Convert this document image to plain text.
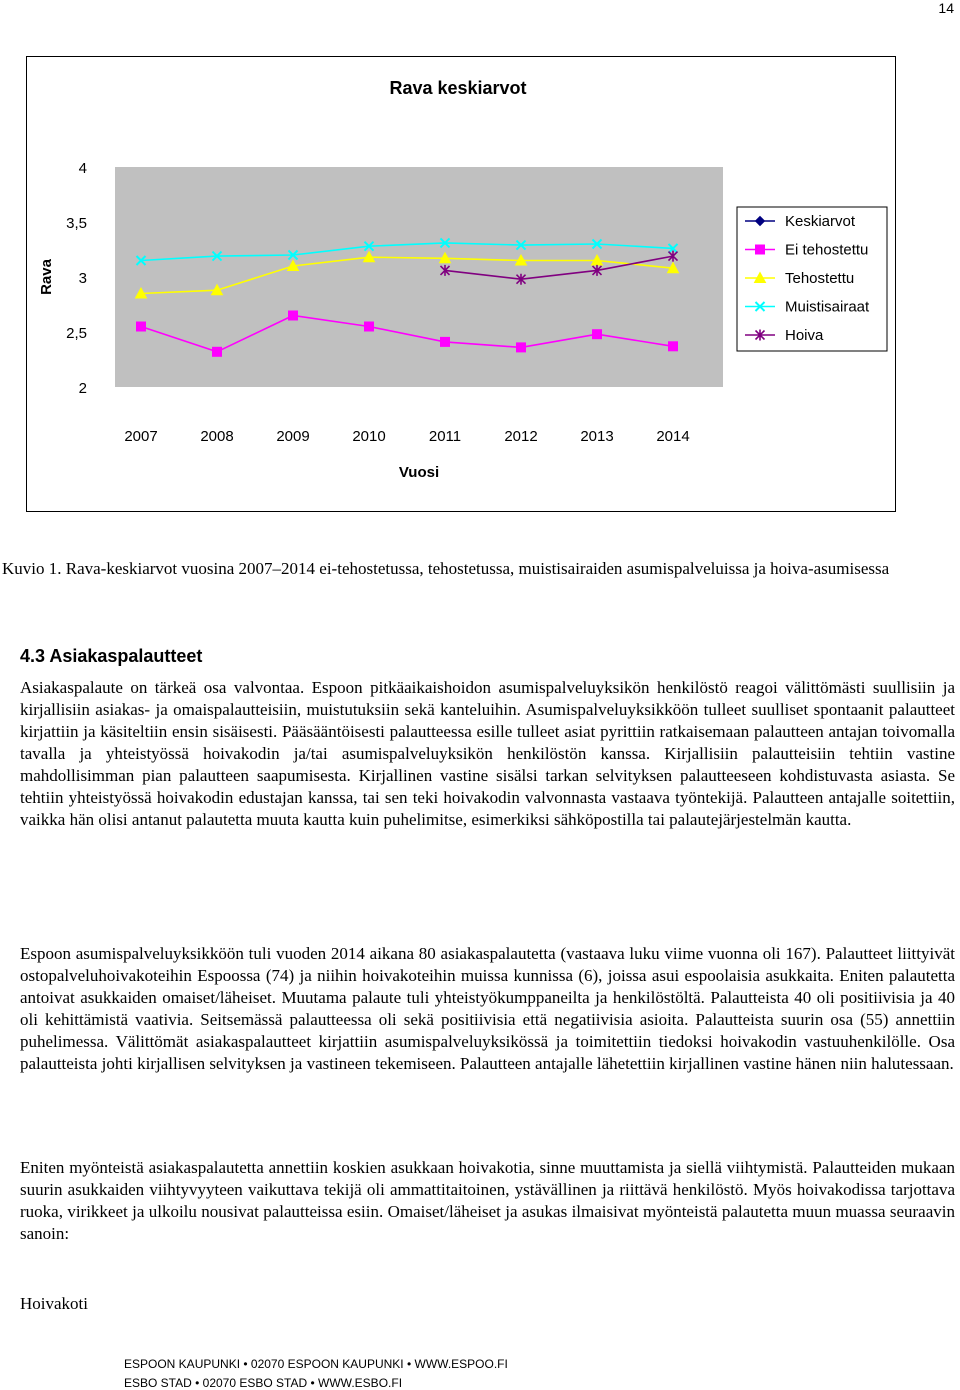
14
Rava keskiarvot
Rava
Vuosi
2
2,5
3
3,5
4
2007	2008	2009	2010	2011	2012	2013	2014
Keskiarvot
Ei tehostettu
Tehostettu
Muistisairaat
Hoiva
Kuvio 1. Rava-keskiarvot vuosina 2007–2014 ei-tehostetussa, tehostetussa, muistisairaiden asumispalveluissa ja hoiva-asumisessa
4.3 Asiakaspalautteet

Asiakaspalaute on tärkeä osa valvontaa. Espoon pitkäaikaishoidon asumispalveluyksikön henkilöstö reagoi välittömästi suullisiin ja kirjallisiin asiakas- ja omaispalautteisiin, muistutuksiin sekä kanteluihin. Asumispalveluyksikköön tulleet suulliset spontaanit palautteet kirjattiin ja käsiteltiin ensin sisäisesti. Pääsääntöisesti palautteessa esille tulleet asiat pyrittiin ratkaisemaan palautteen antajan toivomalla tavalla ja yhteistyössä hoivakodin ja/tai asumispalveluyksikön henkilöstön kanssa. Kirjallisiin palautteisiin tehtiin vastine mahdollisimman pian palautteen saapumisesta. Kirjallinen vastine sisälsi tarkan selvityksen palautteeseen kohdistuvasta asiasta. Se tehtiin yhteistyössä hoivakodin edustajan kanssa, tai sen teki hoivakodin valvonnasta vastaava työntekijä. Palautteen antajalle soitettiin, vaikka hän olisi antanut palautetta muuta kautta kuin puhelimitse, esimerkiksi sähköpostilla tai palautejärjestelmän kautta.

Espoon asumispalveluyksikköön tuli vuoden 2014 aikana 80 asiakaspalautetta (vastaava luku viime vuonna oli 167). Palautteet liittyivät ostopalveluhoivakoteihin Espoossa (74) ja niihin hoivakoteihin muissa kunnissa (6), joissa asui espoolaisia asukkaita. Eniten palautetta antoivat asukkaiden omaiset/läheiset. Muutama palaute tuli yhteistyökumppaneilta ja henkilöstöltä. Palautteista 40 oli positiivisia ja 40 oli kehittämistä vaativia. Seitsemässä palautteessa oli sekä positiivisia että negatiivisia asioita. Palautteista suurin osa (55) annettiin puhelimessa. Välittömät asiakaspalautteet kirjattiin asumispalveluyksikössä ja toimitettiin tiedoksi hoivakodin vastuuhenkilölle. Osa palautteista johti kirjallisen selvityksen ja vastineen tekemiseen. Palautteen antajalle lähetettiin kirjallinen vastine hänen niin halutessaan.

Eniten myönteistä asiakaspalautetta annettiin koskien asukkaan hoivakotia, sinne muuttamista ja siellä viihtymistä. Palautteiden mukaan suurin asukkaiden viihtyvyyteen vaikuttava tekijä oli ammattitaitoinen, ystävällinen ja riittävä henkilöstö. Myös hoivakodissa tarjottava ruoka, virikkeet ja ulkoilu nousivat palautteissa esiin. Omaiset/läheiset ja asukas ilmaisivat myönteistä palautetta muun muassa seuraavin sanoin:

Hoivakoti

ESPOON KAUPUNKI • 02070 ESPOON KAUPUNKI • WWW.ESPOO.FI
ESBO STAD • 02070 ESBO STAD • WWW.ESBO.FI
